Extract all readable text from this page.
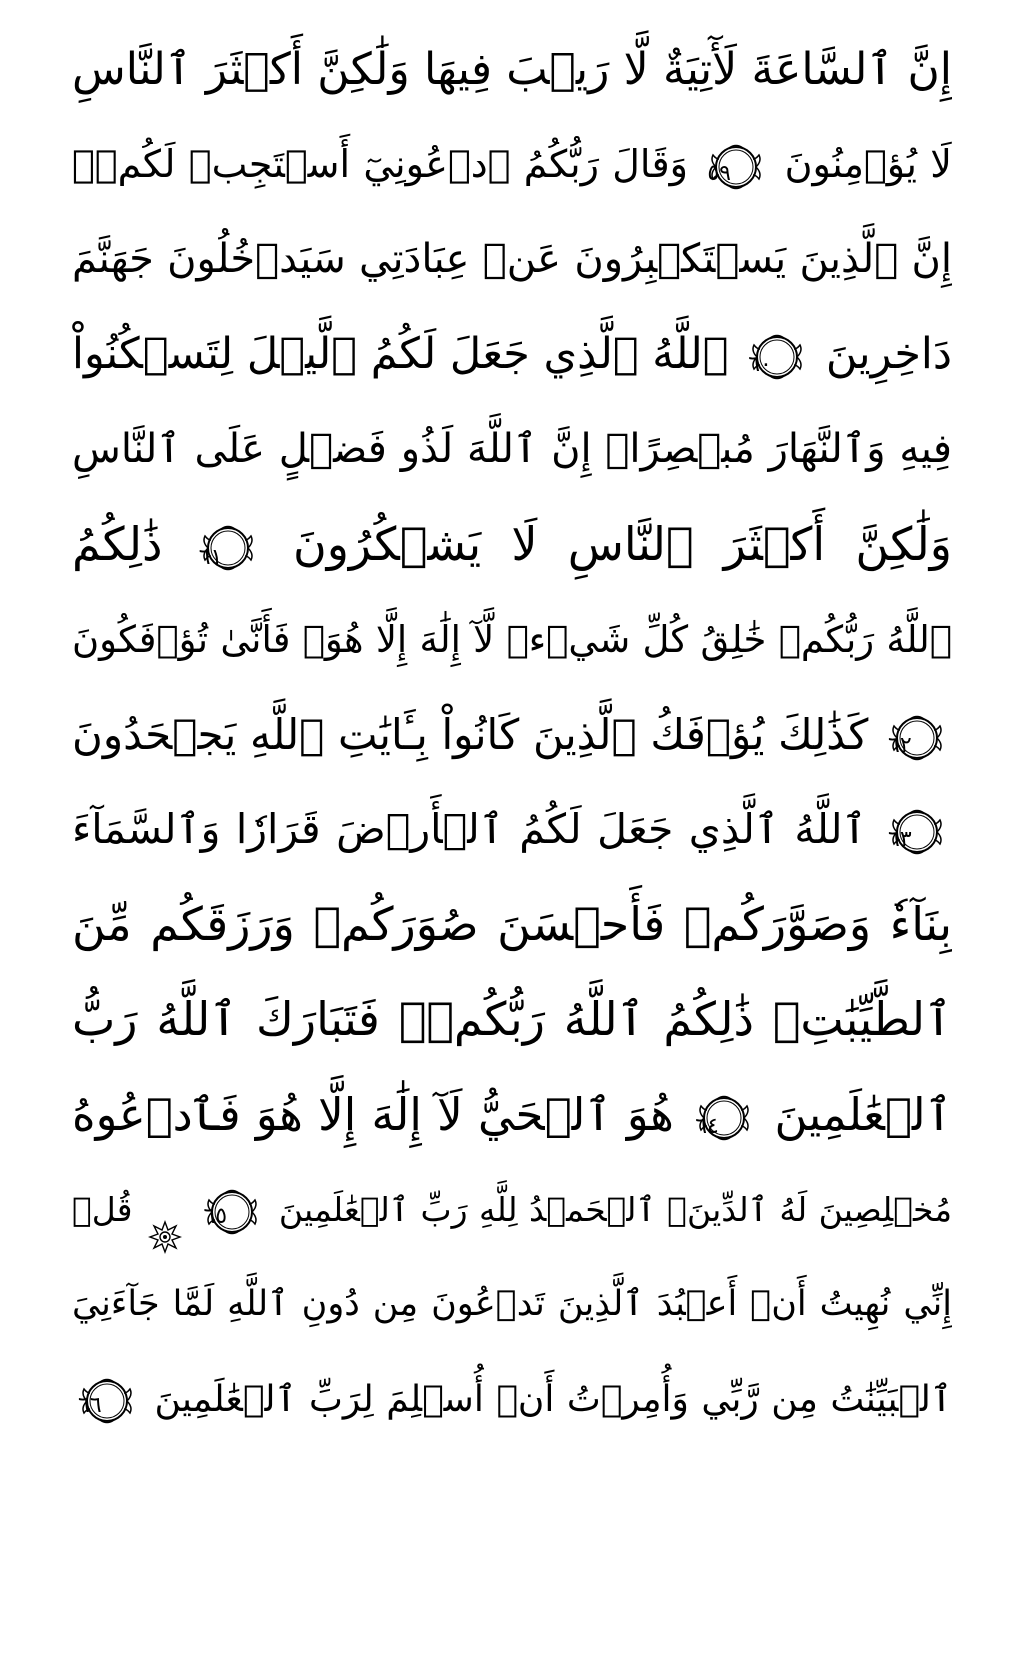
إِنَّ ٱلسَّاعَةَ لَأٓتِيَةٌ لَّا رَيۡبَ فِيهَا وَلَٰكِنَّ أَكۡثَرَ ٱلنَّاسِ
لَا يُؤۡمِنُونَ
٥٩ وَقَالَ رَبُّكُمُ ٱدۡعُونِيٓ أَسۡتَجِبۡ لَكُمۡۚ
إِنَّ ٱلَّذِينَ يَسۡتَكۡبِرُونَ عَنۡ عِبَادَتِي سَيَدۡخُلُونَ جَهَنَّمَ
دَاخِرِينَ
٦٠ ٱللَّهُ ٱلَّذِي جَعَلَ لَكُمُ ٱلَّيۡلَ لِتَسۡكُنُواْ
فِيهِ وَٱلنَّهَارَ مُبۡصِرًاۚ إِنَّ ٱللَّهَ لَذُو فَضۡلٍ عَلَى ٱلنَّاسِ
وَلَٰكِنَّ أَكۡثَرَ ٱلنَّاسِ لَا يَشۡكُرُونَ
٦١ ذَٰلِكُمُ
ٱللَّهُ رَبُّكُمۡ خَٰلِقُ كُلِّ شَيۡءٖ لَّآ إِلَٰهَ إِلَّا هُوَۖ فَأَنَّىٰ تُؤۡفَكُونَ
٦٢ كَذَٰلِكَ يُؤۡفَكُ ٱلَّذِينَ كَانُواْ بِـَٔايَٰتِ ٱللَّهِ يَجۡحَدُونَ
٦٣ ٱللَّهُ ٱلَّذِي جَعَلَ لَكُمُ ٱلۡأَرۡضَ قَرَارٗا وَٱلسَّمَآءَ
بِنَآءٗ وَصَوَّرَكُمۡ فَأَحۡسَنَ صُوَرَكُمۡ وَرَزَقَكُم مِّنَ
ٱلطَّيِّبَٰتِۚ ذَٰلِكُمُ ٱللَّهُ رَبُّكُمۡۖ فَتَبَارَكَ ٱللَّهُ رَبُّ
ٱلۡعَٰلَمِينَ
٦٤ هُوَ ٱلۡحَيُّ لَآ إِلَٰهَ إِلَّا هُوَ فَٱدۡعُوهُ
مُخۡلِصِينَ لَهُ ٱلدِّينَۗ ٱلۡحَمۡدُ لِلَّهِ رَبِّ ٱلۡعَٰلَمِينَ
٦٥  قُلۡ
إِنِّي نُهِيتُ أَنۡ أَعۡبُدَ ٱلَّذِينَ تَدۡعُونَ مِن دُونِ ٱللَّهِ لَمَّا جَآءَنِيَ
ٱلۡبَيِّنَٰتُ مِن رَّبِّي وَأُمِرۡتُ أَنۡ أُسۡلِمَ لِرَبِّ ٱلۡعَٰلَمِينَ
٦٦
